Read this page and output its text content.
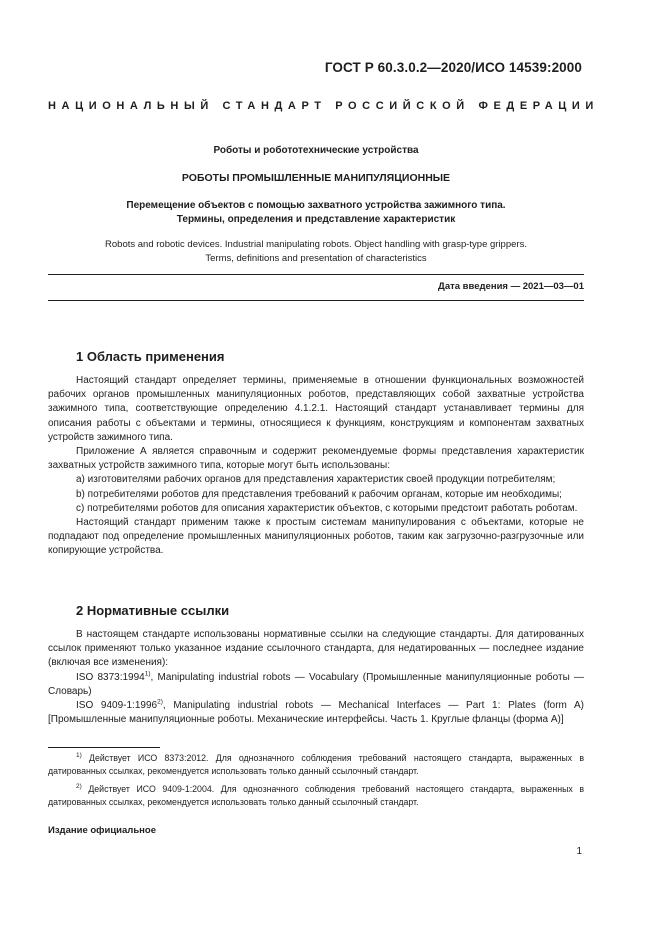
ГОСТ Р 60.3.0.2—2020/ИСО 14539:2000
НАЦИОНАЛЬНЫЙ СТАНДАРТ РОССИЙСКОЙ ФЕДЕРАЦИИ
Роботы и робототехнические устройства
РОБОТЫ ПРОМЫШЛЕННЫЕ МАНИПУЛЯЦИОННЫЕ
Перемещение объектов с помощью захватного устройства зажимного типа.
Термины, определения и представление характеристик
Robots and robotic devices. Industrial manipulating robots. Object handling with grasp-type grippers.
Terms, definitions and presentation of characteristics
Дата введения — 2021—03—01
1 Область применения

Настоящий стандарт определяет термины, применяемые в отношении функциональных возможностей рабочих органов промышленных манипуляционных роботов, представляющих собой захватные устройства зажимного типа, соответствующие определению 4.1.2.1. Настоящий стандарт устанавливает термины для описания работы с объектами и термины, относящиеся к функциям, конструкциям и компонентам захватных устройств зажимного типа.

Приложение А является справочным и содержит рекомендуемые формы представления характеристик захватных устройств зажимного типа, которые могут быть использованы:

а) изготовителями рабочих органов для представления характеристик своей продукции потребителям;

b) потребителями роботов для представления требований к рабочим органам, которые им необходимы;

с) потребителями роботов для описания характеристик объектов, с которыми предстоит работать роботам.

Настоящий стандарт применим также к простым системам манипулирования с объектами, которые не подпадают под определение промышленных манипуляционных роботов, таким как загрузочно-разгрузочные или копирующие устройства.

2 Нормативные ссылки

В настоящем стандарте использованы нормативные ссылки на следующие стандарты. Для датированных ссылок применяют только указанное издание ссылочного стандарта, для недатированных — последнее издание (включая все изменения):

ISO 8373:1994$^{1)}$, Manipulating industrial robots — Vocabulary (Промышленные манипуляционные роботы — Словарь)

ISO 9409-1:1996$^{2)}$, Manipulating industrial robots — Mechanical Interfaces — Part 1: Plates (form A) [Промышленные манипуляционные роботы. Механические интерфейсы. Часть 1. Круглые фланцы (форма А)]

$^{1)}$ Действует ИСО 8373:2012. Для однозначного соблюдения требований настоящего стандарта, выраженных в датированных ссылках, рекомендуется использовать только данный ссылочный стандарт.

$^{2)}$ Действует ИСО 9409-1:2004. Для однозначного соблюдения требований настоящего стандарта, выраженных в датированных ссылках, рекомендуется использовать только данный ссылочный стандарт.

Издание официальное
1
